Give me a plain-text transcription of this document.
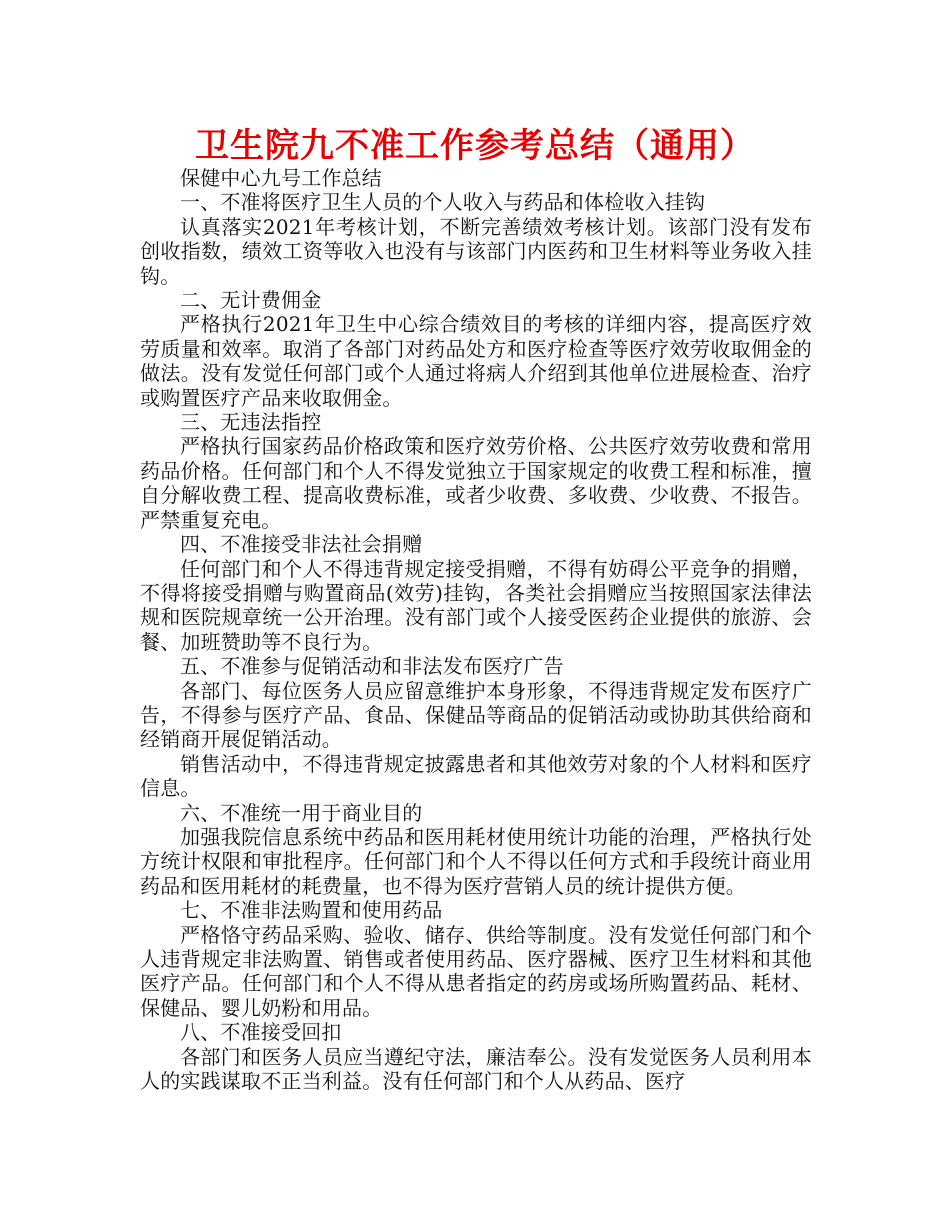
卫生院九不准工作参考总结（通用）

保健中心九号工作总结

一、不准将医疗卫生人员的个人收入与药品和体检收入挂钩

认真落实2021年考核计划，不断完善绩效考核计划。该部门没有发布创收指数，绩效工资等收入也没有与该部门内医药和卫生材料等业务收入挂钩。

二、无计费佣金

严格执行2021年卫生中心综合绩效目的考核的详细内容，提高医疗效劳质量和效率。取消了各部门对药品处方和医疗检查等医疗效劳收取佣金的做法。没有发觉任何部门或个人通过将病人介绍到其他单位进展检查、治疗或购置医疗产品来收取佣金。

三、无违法指控

严格执行国家药品价格政策和医疗效劳价格、公共医疗效劳收费和常用药品价格。任何部门和个人不得发觉独立于国家规定的收费工程和标准，擅自分解收费工程、提高收费标准，或者少收费、多收费、少收费、不报告。严禁重复充电。

四、不准接受非法社会捐赠

任何部门和个人不得违背规定接受捐赠，不得有妨碍公平竞争的捐赠，不得将接受捐赠与购置商品(效劳)挂钩，各类社会捐赠应当按照国家法律法规和医院规章统一公开治理。没有部门或个人接受医药企业提供的旅游、会餐、加班赞助等不良行为。

五、不准参与促销活动和非法发布医疗广告

各部门、每位医务人员应留意维护本身形象，不得违背规定发布医疗广告，不得参与医疗产品、食品、保健品等商品的促销活动或协助其供给商和经销商开展促销活动。

销售活动中，不得违背规定披露患者和其他效劳对象的个人材料和医疗信息。

六、不准统一用于商业目的

加强我院信息系统中药品和医用耗材使用统计功能的治理，严格执行处方统计权限和审批程序。任何部门和个人不得以任何方式和手段统计商业用药品和医用耗材的耗费量，也不得为医疗营销人员的统计提供方便。

七、不准非法购置和使用药品

严格恪守药品采购、验收、储存、供给等制度。没有发觉任何部门和个人违背规定非法购置、销售或者使用药品、医疗器械、医疗卫生材料和其他医疗产品。任何部门和个人不得从患者指定的药房或场所购置药品、耗材、保健品、婴儿奶粉和用品。

八、不准接受回扣

各部门和医务人员应当遵纪守法，廉洁奉公。没有发觉医务人员利用本人的实践谋取不正当利益。没有任何部门和个人从药品、医疗
